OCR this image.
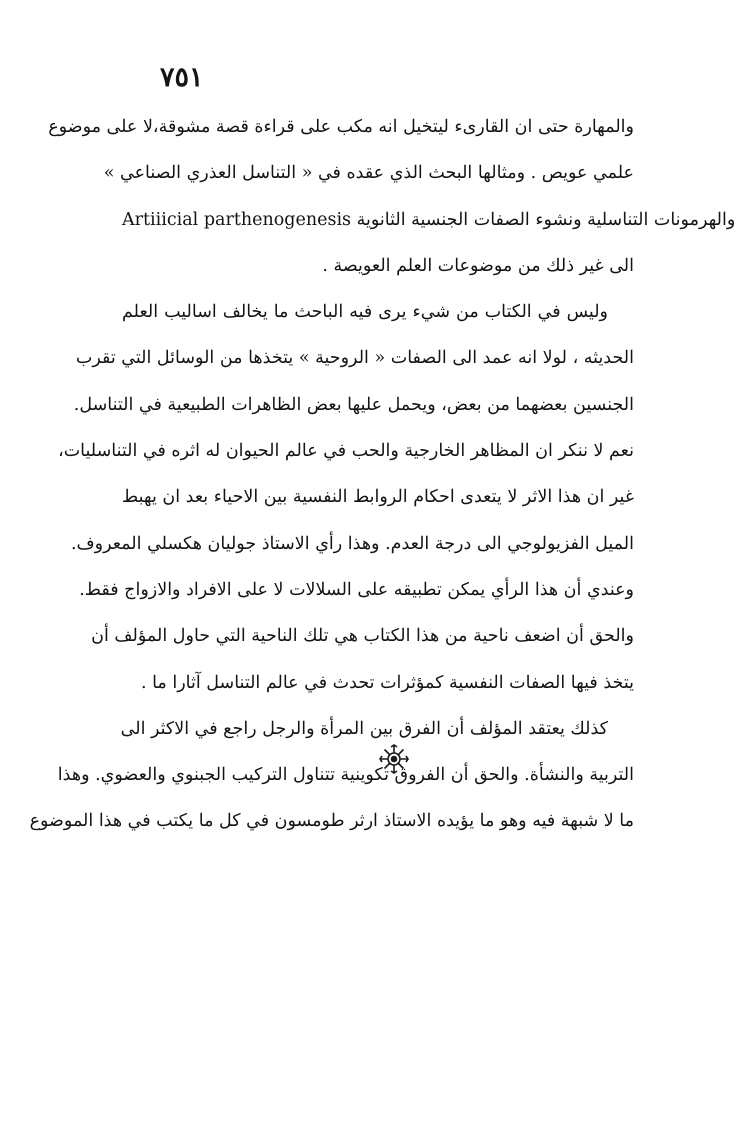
٧٥١
والمهارة حتى ان القارىء ليتخيل انه مكب على قراءة قصة مشوقة،لا على موضوع
علمي عويص . ومثالها البحث الذي عقده في « التناسل العذري الصناعي »
Artiiicial parthenogenesis والهرمونات التناسلية ونشوء الصفات الجنسية الثانوية
الى غير ذلك من موضوعات العلم العويصة .
وليس في الكتاب من شيء يرى فيه الباحث ما يخالف اساليب العلم
الحديثه ، لولا انه عمد الى الصفات « الروحية » يتخذها من الوسائل التي تقرب
الجنسين بعضهما من بعض، ويحمل عليها بعض الظاهرات الطبيعية في التناسل.
نعم لا ننكر ان المظاهر الخارجية والحب في عالم الحيوان له اثره في التناسليات،
غير ان هذا الاثر لا يتعدى احكام الروابط النفسية بين الاحياء بعد ان يهبط
الميل الفزيولوجي الى درجة العدم. وهذا رأي الاستاذ جوليان هكسلي المعروف.
وعندي أن هذا الرأي يمكن تطبيقه على السلالات لا على الافراد والازواج فقط.
والحق أن اضعف ناحية من هذا الكتاب هي تلك الناحية التي حاول المؤلف أن
يتخذ فيها الصفات النفسية كمؤثرات تحدث في عالم التناسل آثارا ما .
كذلك يعتقد المؤلف أن الفرق بين المرأة والرجل راجع في الاكثر الى
التربية والنشأة. والحق أن الفروق تكوينية تتناول التركيب الجبنوي والعضوي. وهذا
ما لا شبهة فيه وهو ما يؤيده الاستاذ ارثر طومسون في كل ما يكتب في هذا الموضوع
